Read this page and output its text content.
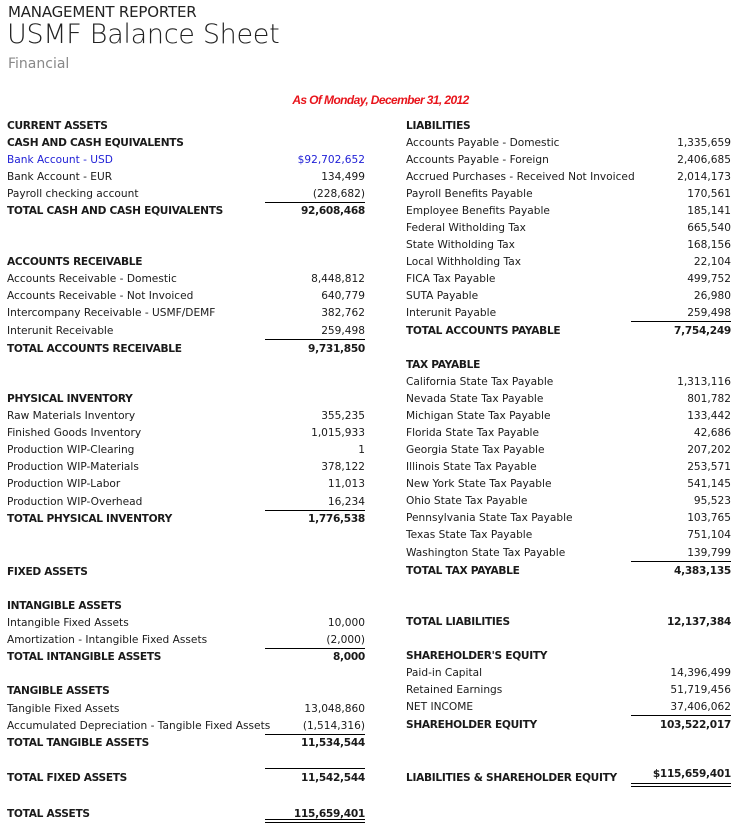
MANAGEMENT REPORTER
USMF Balance Sheet
Financial
As Of Monday, December 31, 2012
CURRENT ASSETS
CASH AND CASH EQUIVALENTS
Bank Account - USD	$92,702,652
Bank Account - EUR	134,499
Payroll checking account	(228,682)
TOTAL CASH AND CASH EQUIVALENTS	92,608,468
ACCOUNTS RECEIVABLE
Accounts Receivable - Domestic	8,448,812
Accounts Receivable - Not Invoiced	640,779
Intercompany Receivable - USMF/DEMF	382,762
Interunit Receivable	259,498
TOTAL ACCOUNTS RECEIVABLE	9,731,850
PHYSICAL INVENTORY
Raw Materials Inventory	355,235
Finished Goods Inventory	1,015,933
Production WIP-Clearing	1
Production WIP-Materials	378,122
Production WIP-Labor	11,013
Production WIP-Overhead	16,234
TOTAL PHYSICAL INVENTORY	1,776,538
FIXED ASSETS
INTANGIBLE ASSETS
Intangible Fixed Assets	10,000
Amortization - Intangible Fixed Assets	(2,000)
TOTAL INTANGIBLE ASSETS	8,000
TANGIBLE ASSETS
Tangible Fixed Assets	13,048,860
Accumulated Depreciation - Tangible Fixed Assets	(1,514,316)
TOTAL TANGIBLE ASSETS	11,534,544
TOTAL FIXED ASSETS	11,542,544
TOTAL ASSETS	115,659,401
LIABILITIES
Accounts Payable - Domestic	1,335,659
Accounts Payable - Foreign	2,406,685
Accrued Purchases - Received Not Invoiced	2,014,173
Payroll Benefits Payable	170,561
Employee Benefits Payable	185,141
Federal Witholding Tax	665,540
State Witholding Tax	168,156
Local Withholding Tax	22,104
FICA Tax Payable	499,752
SUTA Payable	26,980
Interunit Payable	259,498
TOTAL ACCOUNTS PAYABLE	7,754,249
TAX PAYABLE
California State Tax Payable	1,313,116
Nevada State Tax Payable	801,782
Michigan State Tax Payable	133,442
Florida State Tax Payable	42,686
Georgia State Tax Payable	207,202
Illinois State Tax Payable	253,571
New York State Tax Payable	541,145
Ohio State Tax Payable	95,523
Pennsylvania State Tax Payable	103,765
Texas State Tax Payable	751,104
Washington State Tax Payable	139,799
TOTAL TAX PAYABLE	4,383,135
TOTAL LIABILITIES	12,137,384
SHAREHOLDER'S EQUITY
Paid-in Capital	14,396,499
Retained Earnings	51,719,456
NET INCOME	37,406,062
SHAREHOLDER EQUITY	103,522,017
LIABILITIES & SHAREHOLDER EQUITY	$115,659,401
